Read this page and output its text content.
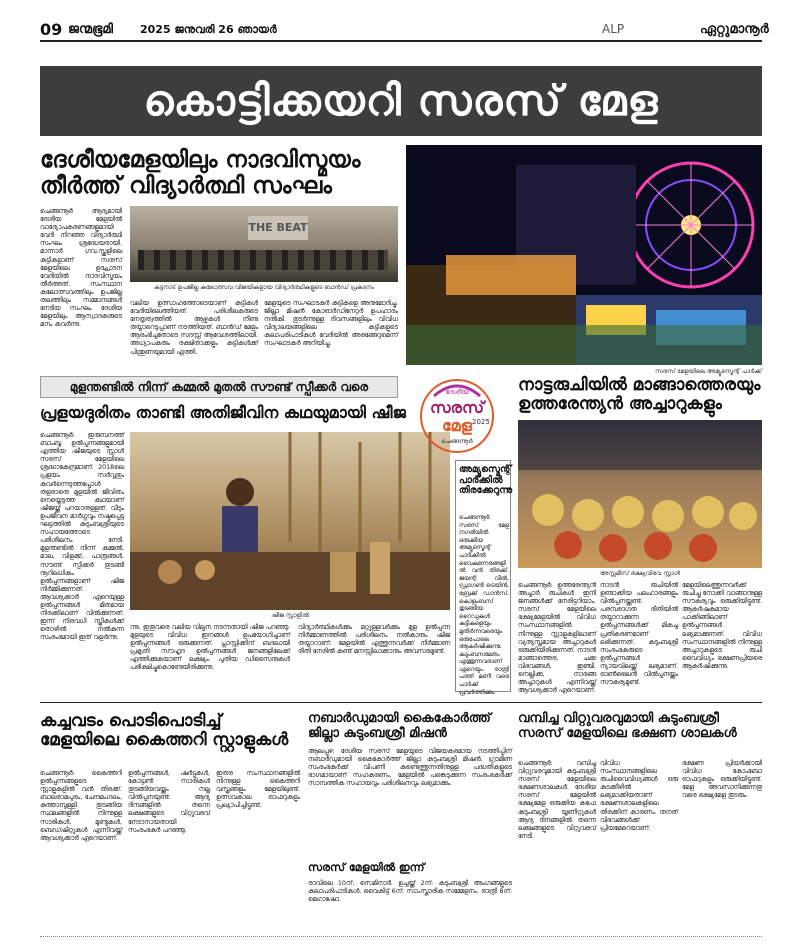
09 ജന്മഭൂമി 2025 ജനുവരി 26 ഞായർ	ALP	ഏറ്റുമാനൂർ
കൊട്ടിക്കയറി സരസ് മേള
ദേശീയമേളയിലും നാദവിസ്മയം തീർത്ത് വിദ്യാർത്ഥി സംഘം
ചെങ്ങന്നൂർ ആദ്യമായി ദേശീയ മേളയിൽ വാദ്യോപകരണങ്ങളുമായി വേദി നിറഞ്ഞ വിദ്യാർത്ഥി സംഘം ശ്രദ്ധേയരായി. മാന്നാർ ഗവ.സ്കൂളിലെ കുട്ടികളാണ് സരസ് മേളയിലെ ഉദ്ഘാടന വേദിയിൽ നാദവിസ്മയം തീർത്തത്. സംസ്ഥാന കലോത്സവത്തിലും ഉപജില്ല തലത്തിലും സമ്മാനങ്ങൾ നേടിയ സംഘം ദേശീയ മേളയിലും ആസ്വാദകരുടെ മനം കവർന്നു.
THE BEAT
കുട്ടനാട് ഉപജില്ല കലോത്സവ വിജയികളായ വിദ്യാർത്ഥികളുടെ ബാൻഡ് പ്രകടനം
വലിയ ഉത്സാഹത്തോടെയാണ് കുട്ടികൾ വേദിയിലെത്തിയത്. പരിശീലകരുടെ നേതൃത്വത്തിൽ ആഴ്ചകൾ നീണ്ട തയ്യാറെടുപ്പാണ് നടത്തിയത്. ബാൻഡ് മേളം ആരംഭിച്ചതോടെ സദസ്സ് ആവേശത്തിലായി. അധ്യാപകരും രക്ഷിതാക്കളും കുട്ടികൾക്ക് പിന്തുണയുമായി എത്തി.
മേളയുടെ സംഘാടകർ കുട്ടികളെ അനുമോദിച്ചു. ജില്ലാ മിഷൻ കോഓർഡിനേറ്റർ ഉപഹാരം നൽകി. തുടർന്നുള്ള ദിവസങ്ങളിലും വിവിധ വിദ്യാലയങ്ങളിലെ കുട്ടികളുടെ കലാപരിപാടികൾ വേദിയിൽ അരങ്ങേറുമെന്ന് സംഘാടകർ അറിയിച്ചു.
സരസ് മേളയിലെ അമ്യൂസ്മെന്റ് പാർക്ക്
മുളന്തണ്ടിൽ നിന്ന് കമ്മൽ മുതൽ സൗണ്ട് സ്പീക്കർ വരെ
പ്രളയദുരിതം താണ്ടി അതിജീവിന കഥയുമായി ഷീജ
ചെങ്ങന്നൂർ: ഇരുമ്പനത്ത് ബാംബൂ ഉൽപ്പന്നങ്ങളുമായി എത്തിയ ഷീജയുടെ സ്റ്റാൾ സരസ് മേളയിലെ ശ്രദ്ധാകേന്ദ്രമാണ്. 2018ലെ പ്രളയം സർവ്വതും കവർന്നെടുത്തപ്പോൾ തളരാതെ മുളയിൽ ജീവിതം നെയ്തെടുത്ത കഥയാണ് ഷീജയ്ക്ക് പറയാനുള്ളത്. വീടും ഉപജീവന മാർഗ്ഗവും നഷ്ടപ്പെട്ട ഘട്ടത്തിൽ കുടുംബശ്രീയുടെ സഹായത്തോടെ പരിശീലനം നേടി. മുളന്തണ്ടിൽ നിന്ന് കമ്മൽ, മാല, വിളക്ക്, പാത്രങ്ങൾ, സൗണ്ട് സ്പീക്കർ തുടങ്ങി നൂറിലധികം ഉൽപ്പന്നങ്ങളാണ് ഷീജ നിർമ്മിക്കുന്നത്. ആവശ്യക്കാർ ഏറെയുള്ള ഉൽപ്പന്നങ്ങൾ മിതമായ നിരക്കിലാണ് വിൽക്കുന്നത്. ഇന്ന് നിരവധി സ്ത്രീകൾക്ക് തൊഴിൽ നൽകുന്ന സംരംഭമായി ഇത് വളർന്നു.
ഷീജ സ്റ്റാളിൽ
ന്നു. ഇതുവരെ വലിയ വില്പന നടന്നതായി ഷീജ പറഞ്ഞു. മുളയുടെ വിവിധ ഇനങ്ങൾ ഉപയോഗിച്ചാണ് ഉൽപ്പന്നങ്ങൾ ഒരുക്കുന്നത്. പ്ലാസ്റ്റിക്കിന് ബദലായി പ്രകൃതി സൗഹൃദ ഉൽപ്പന്നങ്ങൾ ജനങ്ങളിലേക്ക് എത്തിക്കുകയാണ് ലക്ഷ്യം. പുതിയ ഡിസൈനുകൾ പരീക്ഷിച്ചുകൊണ്ടേയിരിക്കുന്നു.
വിദ്യാർത്ഥികൾക്കും മറ്റുള്ളവർക്കും മുള ഉൽപ്പന്ന നിർമ്മാണത്തിൽ പരിശീലനം നൽകാനും ഷീജ തയ്യാറാണ്. മേളയിൽ എത്തുന്നവർക്ക് നിർമ്മാണ രീതി നേരിൽ കണ്ട് മനസ്സിലാക്കാനും അവസരമുണ്ട്.
ദേശീയ
സരസ്
മേള 2025
ചെങ്ങന്നൂർ
അമ്യൂസ്മെന്റ് പാർക്കിൽ തിരക്കേറുന്നു
ചെങ്ങന്നൂർ: സരസ് മേള നഗരിയിൽ ഒരുക്കിയ അമ്യൂസ്മെന്റ് പാർക്കിൽ വൈകുന്നേരങ്ങളിൽ വൻ തിരക്ക്. ജയന്റ് വീൽ, ഡ്രാഗൺ ട്രെയിൻ, ബ്രേക്ക് ഡാൻസ്, കൊളംബസ് തുടങ്ങിയ റൈഡുകൾ കുട്ടികളെയും മുതിർന്നവരെയും ഒരുപോലെ ആകർഷിക്കുന്നു. കുടുംബസമേതം എത്തുന്നവരാണ് ഏറെയും. രാത്രി പത്ത് മണി വരെ പാർക്ക് പ്രവർത്തിക്കും.
നാട്ടരുചിയിൽ മാങ്ങാത്തെരയും ഉത്തരേന്ത്യൻ അച്ചാറുകളും
അസ്സമീസ് ഭക്ഷ്യവിഭവ സ്റ്റാൾ
ചെങ്ങന്നൂർ: ഉത്തരേന്ത്യൻ അച്ചാർ രുചികൾ ഇനി ജനങ്ങൾക്ക് നേരിട്ടറിയാം. സരസ് മേളയിലെ ഭക്ഷ്യമേളയിൽ വിവിധ സംസ്ഥാനങ്ങളിൽ നിന്നുള്ള സ്റ്റാളുകളിലാണ് വ്യത്യസ്തമായ അച്ചാറുകൾ ഒരുക്കിയിരിക്കുന്നത്. നാടൻ മാങ്ങാത്തെര, ചക്ക വിഭവങ്ങൾ, ഇഞ്ചി, നെല്ലിക്ക, നാരങ്ങ അച്ചാറുകൾ എന്നിവയ്ക്ക് ആവശ്യക്കാർ ഏറെയാണ്.
നാടൻ രുചിയിൽ ഉണ്ടാക്കിയ പലഹാരങ്ങളും വിൽപ്പനയ്ക്കുണ്ട്. പരമ്പരാഗത രീതിയിൽ തയ്യാറാക്കുന്ന ഉൽപ്പന്നങ്ങൾക്ക് മികച്ച പ്രതികരണമാണ് ലഭിക്കുന്നത്. കുടുംബശ്രീ സംരംഭകരുടെ ഉൽപ്പന്നങ്ങൾ ന്യായവിലയ്ക്ക് ലഭ്യമാണ്. ഓൺലൈൻ വിൽപ്പനയ്ക്കും സൗകര്യമുണ്ട്.
മേളയിലെത്തുന്നവർക്ക് രുചിച്ചു നോക്കി വാങ്ങാനുള്ള സൗകര്യവും ഒരുക്കിയിട്ടുണ്ട്. ആകർഷകമായ പാക്കിങ്ങിലാണ് ഉൽപ്പന്നങ്ങൾ ലഭ്യമാക്കുന്നത്. വിവിധ സംസ്ഥാനങ്ങളിൽ നിന്നുള്ള അച്ചാറുകളുടെ രുചി വൈവിധ്യം ഭക്ഷണപ്രിയരെ ആകർഷിക്കുന്നു.
കച്ചവടം പൊടിപൊടിച്ച് മേളയിലെ കൈത്തറി സ്റ്റാളുകൾ
ചെങ്ങന്നൂർ: കൈത്തറി ഉൽപ്പന്നങ്ങളുടെ സ്റ്റാളുകളിൽ വൻ തിരക്ക്. ബാലരാമപുരം, ചേന്ദമംഗലം, കുത്താമ്പുള്ളി തുടങ്ങിയ സ്ഥലങ്ങളിൽ നിന്നുള്ള സാരികൾ, മുണ്ടുകൾ, ബെഡ്ഷീറ്റുകൾ എന്നിവയ്ക്ക് ആവശ്യക്കാർ ഏറെയാണ്.
ഉൽപ്പന്നങ്ങൾ, ഷർട്ടുകൾ, കോട്ടൺ സാരികൾ തുടങ്ങിയവയ്ക്കും നല്ല വിൽപ്പനയുണ്ട്. ആദ്യ ദിനങ്ങളിൽ തന്നെ ലക്ഷങ്ങളുടെ വിറ്റുവരവ് നേടാനായതായി സംരംഭകർ പറഞ്ഞു.
ഇതര സംസ്ഥാനങ്ങളിൽ നിന്നുള്ള കൈത്തറി വസ്ത്രങ്ങളും മേളയിലുണ്ട്. ഉത്സവകാല ഓഫറുകളും പ്രഖ്യാപിച്ചിട്ടുണ്ട്.
നബാർഡുമായി കൈകോർത്ത് ജില്ലാ കുടുംബശ്രീ മിഷൻ
ആലപ്പുഴ: ദേശീയ സരസ് മേളയുടെ വിജയകരമായ നടത്തിപ്പിന് നബാർഡുമായി കൈകോർത്ത് ജില്ലാ കുടുംബശ്രീ മിഷൻ. ഗ്രാമീണ സംരംഭകർക്ക് വിപണി കണ്ടെത്തുന്നതിനുള്ള പദ്ധതികളുടെ ഭാഗമായാണ് സഹകരണം. മേളയിൽ പങ്കെടുക്കുന്ന സംരംഭകർക്ക് സാമ്പത്തിക സഹായവും പരിശീലനവും ലഭ്യമാക്കും.
സരസ് മേളയിൽ ഇന്ന്
രാവിലെ 10ന്: സെമിനാർ. ഉച്ചയ്ക്ക് 2ന്: കുടുംബശ്രീ അംഗങ്ങളുടെ കലാപരിപാടികൾ. വൈകിട്ട് 6ന്: സാംസ്കാരിക സമ്മേളനം. രാത്രി 8ന്: മെഗാഷോ.
വമ്പിച്ച വിറ്റുവരവുമായി കുടുംബശ്രീ സരസ് മേളയിലെ ഭക്ഷണ ശാലകൾ
ചെങ്ങന്നൂർ: വമ്പിച്ച വിറ്റുവരവുമായി കുടുംബശ്രീ സരസ് മേളയിലെ ഭക്ഷണശാലകൾ. ദേശീയ സരസ് മേളയിൽ ഭക്ഷ്യമേള ഒരുക്കിയ കഫേ കുടുംബശ്രീ യൂണിറ്റുകൾ ആദ്യ ദിനങ്ങളിൽ തന്നെ ലക്ഷങ്ങളുടെ വിറ്റുവരവ് നേടി.
വിവിധ സംസ്ഥാനങ്ങളിലെ രുചിവൈവിധ്യങ്ങൾ ഒരു കുടക്കീഴിൽ ലഭ്യമാക്കിയതാണ് ഭക്ഷണശാലകളിലെ തിരക്കിന് കാരണം. തനത് വിഭവങ്ങൾക്ക് പ്രിയമേറെയാണ്.
ഭക്ഷണ പ്രിയർക്കായി വിവിധ കോംബോ ഓഫറുകളും ഒരുക്കിയിട്ടുണ്ട്. മേള അവസാനിക്കുന്നതു വരെ ഭക്ഷ്യമേള തുടരും.
